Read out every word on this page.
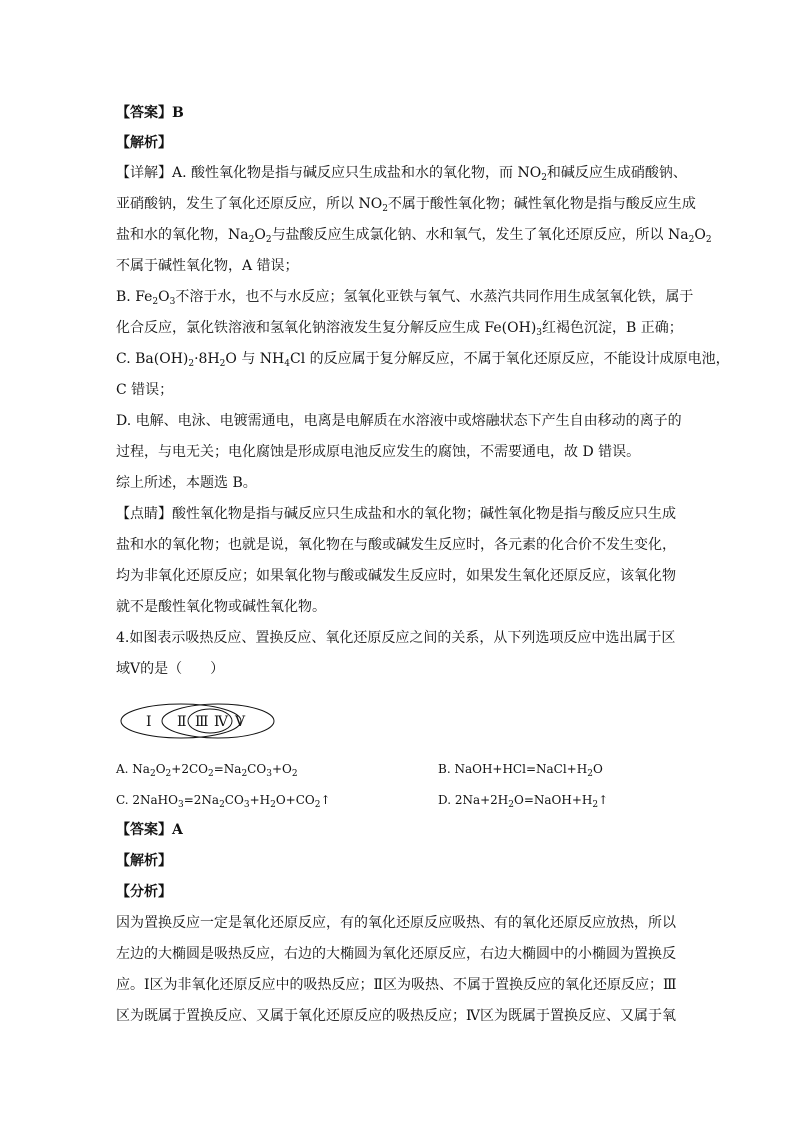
【答案】B
【解析】
【详解】A. 酸性氧化物是指与碱反应只生成盐和水的氧化物，而 $NO_2$和碱反应生成硝酸钠、
亚硝酸钠，发生了氧化还原反应，所以 $NO_2$不属于酸性氧化物；碱性氧化物是指与酸反应生成
盐和水的氧化物，$Na_2O_2$与盐酸反应生成氯化钠、水和氧气，发生了氧化还原反应，所以 $Na_2O_2$
不属于碱性氧化物，A 错误；
B. $Fe_2O_3$不溶于水，也不与水反应；氢氧化亚铁与氧气、水蒸汽共同作用生成氢氧化铁，属于
化合反应，氯化铁溶液和氢氧化钠溶液发生复分解反应生成 $Fe(OH)_3$红褐色沉淀，B 正确；
C. $Ba(OH)_2\cdot 8H_2O$ 与 $NH_4Cl$ 的反应属于复分解反应，不属于氧化还原反应，不能设计成原电池，
C 错误；
D. 电解、电泳、电镀需通电，电离是电解质在水溶液中或熔融状态下产生自由移动的离子的
过程，与电无关；电化腐蚀是形成原电池反应发生的腐蚀，不需要通电，故 D 错误。
综上所述，本题选 B。
【点睛】酸性氧化物是指与碱反应只生成盐和水的氧化物；碱性氧化物是指与酸反应只生成
盐和水的氧化物；也就是说，氧化物在与酸或碱发生反应时，各元素的化合价不发生变化，
均为非氧化还原反应；如果氧化物与酸或碱发生反应时，如果发生氧化还原反应，该氧化物
就不是酸性氧化物或碱性氧化物。
4.如图表示吸热反应、置换反应、氧化还原反应之间的关系，从下列选项反应中选出属于区
域Ⅴ的是（　　）
Ⅰ Ⅱ Ⅲ Ⅳ Ⅴ
A. $Na_2O_2+2CO_2=Na_2CO_3+O_2$	B. $NaOH+HCl=NaCl+H_2O$
C. $2NaHO_3=2Na_2CO_3+H_2O+CO_2↑$	D. $2Na+2H_2O=NaOH+H_2↑$
【答案】A
【解析】
【分析】
因为置换反应一定是氧化还原反应，有的氧化还原反应吸热、有的氧化还原反应放热，所以
左边的大椭圆是吸热反应，右边的大椭圆为氧化还原反应，右边大椭圆中的小椭圆为置换反
应。Ⅰ区为非氧化还原反应中的吸热反应；Ⅱ区为吸热、不属于置换反应的氧化还原反应；Ⅲ
区为既属于置换反应、又属于氧化还原反应的吸热反应；Ⅳ区为既属于置换反应、又属于氧
